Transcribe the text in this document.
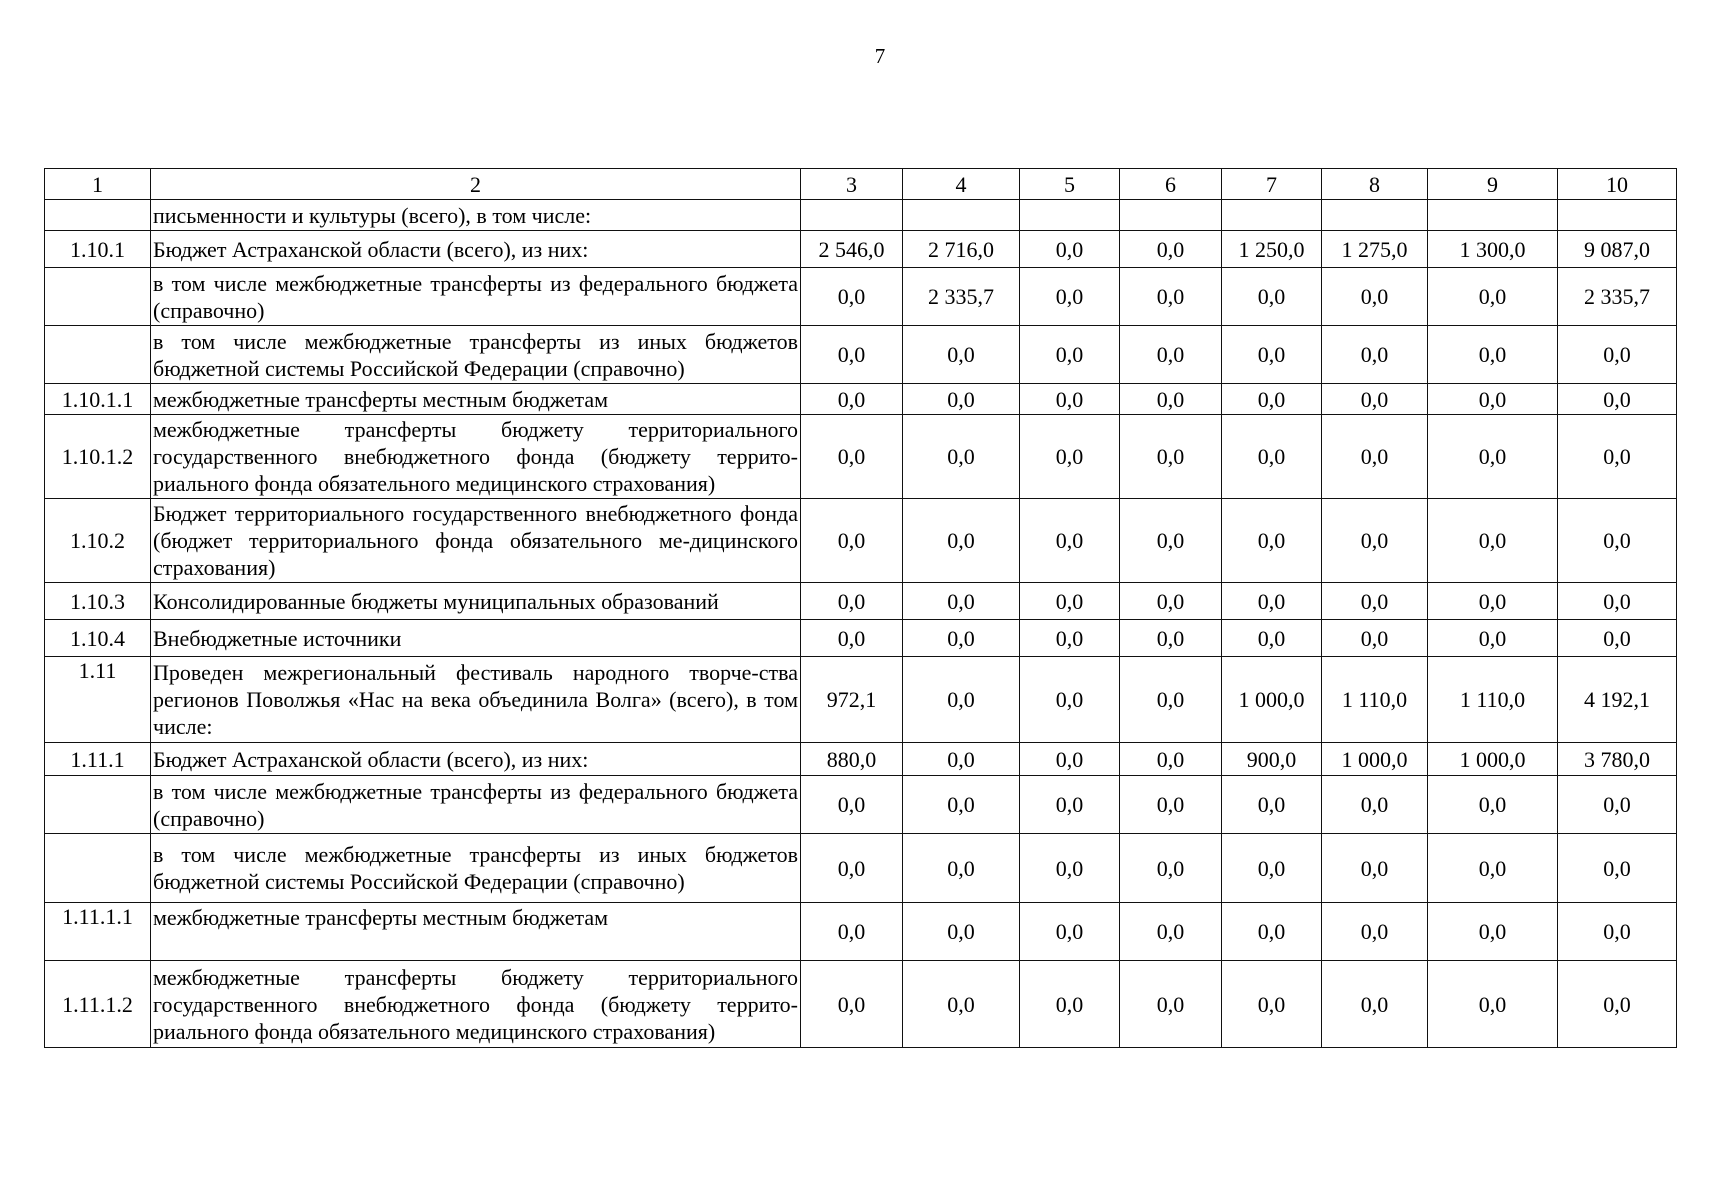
7
1	2	3	4	5	6	7	8	9	10
	письменности и культуры (всего), в том числе:								
1.10.1	Бюджет Астраханской области (всего), из них:	2 546,0	2 716,0	0,0	0,0	1 250,0	1 275,0	1 300,0	9 087,0
	в том числе межбюджетные трансферты из федерального бюджета (справочно)	0,0	2 335,7	0,0	0,0	0,0	0,0	0,0	2 335,7
	в том числе межбюджетные трансферты из иных бюджетов бюджетной системы Российской Федерации (справочно)	0,0	0,0	0,0	0,0	0,0	0,0	0,0	0,0
1.10.1.1	межбюджетные трансферты местным бюджетам	0,0	0,0	0,0	0,0	0,0	0,0	0,0	0,0
1.10.1.2	межбюджетные трансферты бюджету территориального государственного внебюджетного фонда (бюджету террито-риального фонда обязательного медицинского страхования)	0,0	0,0	0,0	0,0	0,0	0,0	0,0	0,0
1.10.2	Бюджет территориального государственного внебюджетного фонда (бюджет территориального фонда обязательного ме-дицинского страхования)	0,0	0,0	0,0	0,0	0,0	0,0	0,0	0,0
1.10.3	Консолидированные бюджеты муниципальных образований	0,0	0,0	0,0	0,0	0,0	0,0	0,0	0,0
1.10.4	Внебюджетные источники	0,0	0,0	0,0	0,0	0,0	0,0	0,0	0,0
1.11	Проведен межрегиональный фестиваль народного творче-ства регионов Поволжья «Нас на века объединила Волга» (всего), в том числе:	972,1	0,0	0,0	0,0	1 000,0	1 110,0	1 110,0	4 192,1
1.11.1	Бюджет Астраханской области (всего), из них:	880,0	0,0	0,0	0,0	900,0	1 000,0	1 000,0	3 780,0
	в том числе межбюджетные трансферты из федерального бюджета (справочно)	0,0	0,0	0,0	0,0	0,0	0,0	0,0	0,0
	в том числе межбюджетные трансферты из иных бюджетов бюджетной системы Российской Федерации (справочно)	0,0	0,0	0,0	0,0	0,0	0,0	0,0	0,0
1.11.1.1	межбюджетные трансферты местным бюджетам	0,0	0,0	0,0	0,0	0,0	0,0	0,0	0,0
1.11.1.2	межбюджетные трансферты бюджету территориального государственного внебюджетного фонда (бюджету террито-риального фонда обязательного медицинского страхования)	0,0	0,0	0,0	0,0	0,0	0,0	0,0	0,0
